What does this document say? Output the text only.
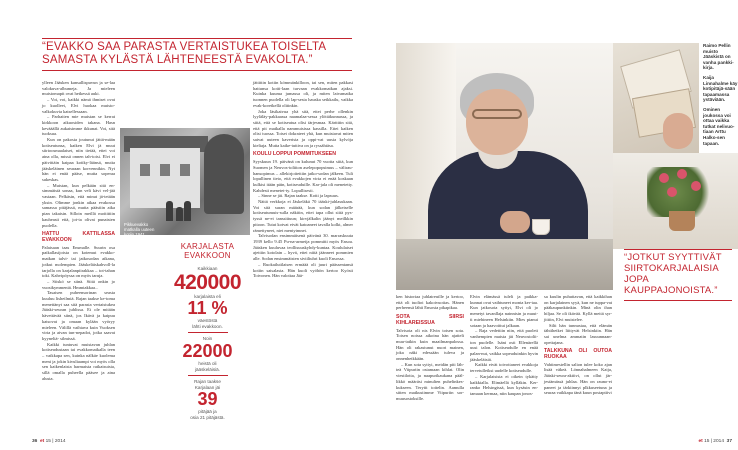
“EVAKKO SAA PARASTA VERTAISTUKEA TOISELTA SAMASTA KYLÄSTÄ LÄHTENEESTÄ EVAKOLTA.”

ylleen Jääsken kansallispuvun ja se-laa valokuva-albumeja. Ja mieleen muistomapit ovat hetkessä auki.

– Voi, voi, kaikki nämä ihmiset ovat jo kuolleet, Elvi huokaa muisto-valkokuvia katsellessaan.

– Parhaiten mie muistan se kerrat kirkkoon aikuosiden takana. Hasn kevääällä aukaisimme ikkunat. Voi, sitä tuoksua.

Kun on pakosta joutunut jättä-mään kotiseutunsa, kaiken Elvi jä muut siirtoosmaalaiset, niin tietää, ettei voi aina olla, missä onnen tah-toisi. Elvi ei päivittäin kaipaa kotiky-läänsä, mutta jääskeläinen seuraan korvennikin. Nyt hän ei enää pääse, mutta soperaa sukeskas.

– Muistan, kun pelkään sitä en-simmäistä sonaa, kun veli kävi vel-jää vastaan. Pelkäsin, että minut jä-tetään yksin. Olimme jonkin aikaa evakossa samassa pitäjässä, mutta päästiin aika pian takaisin. Silloin meillä moitittiin kauheasti että, jot-ta olivat punaisten puolella.

HATTU KATTILASSA EVAKKOON

Palaisaan taas Ensmalle. Suurin osa paikallasijoista on kotemut evakko-matkan talvi- tai jatkosodan aikana, jotkut molempien. Jääskeläiskahvoll-la tarjolla on karjalanpiirakkaa – tot-tahan toki. Kahvipöyssa on myös taruja.

– Siiskö se siinä. Siitä onkin jo vuosikymmeniä. Hmmtakkaa...

Tasaisen puheensorinan seasta kuuluu lisheilmiä. Rajan taakse ke-toma menettänyt saa sitä parasta vertaistukea Jääski-seuran juhlissa. Ei ole mitään hävettävää siinä, jos Ikävä ja kaipuu katsovat ja omaan kylään vyöryy mieleen. Välillä vaihtava kuin Vuoksen virta ja aivan tun-nepadot, jotka saavat kyyneliä- silmissä.

Kaikki tuntuvat muistavan juhlan kotiseudustaan tai evakkomatkalla teen – vaikkapa sen, kuinka nälkäe kuolema meni ja jokin kivuliaampi voi myös olla sen kaikenlaista harmaista ratkaisuista, sillä omalla puheella pääsee ja aina alusta.

Pikkuevakko matkalla uuteen kotiin 1941.
KARJALASTA EVAKKOON
Kaikkiaan
420000
karjalaista eli
11 %
väestöstä
lähti evakkoon.
Noin
22000
heistä oli
jääskeläisiä.
Rajan taakse
Karjalaan jäi
39
pitäjää ja
osia 21 pitäjästä.

jättittin kotiin kömmänkilloon, tai sen, miten pakkasi hattunsa kotti-laan turvaan evakkomatkan ajaksi. Kuinka kuuma jumassa oli, ja miten laivamatka tuonnen puolella oli lap-sesta hauska seikkailu, vaikka evak-koretkellä olitinkin.

Joka läsikaivua yhä sitä, ettei perhe ollenkin lyyläläy-pakkaassa naamalaa-sessa ylöttäkunnassa, ja siitä, että se kotiseutua olisi tärjesmaa. Kärttttin sitä, että pit matkalla nammuisissa kassilla. Ettei kaiken olisi tuossa. Toiset dokrateet yhä, kun muistavat miten saivat uuteen kaverista ja oppi-vat uusia kylvöja kieliaja. Mutta kaike-tuttiva on ja ryssähtäsa.

KOULU LOPPUI POMMITUKSEEN

Syyskuun 19. päivänä on kulunut 70 vuotta siitä, kun Suomen ja Neuvos-toliiton aselepopopsimus – välirau-hansopimus – allekirjoitettiin jatko-sodan jälkeen. Tuli lopullinen tieto, että evakkojen virta ei enää koskaan kulkisi itään päin, kotiseuduille. Kar-jala oli menetetty. Kahdesti menetet-ty. Lopullisesti.

– Sinne se jäi. Rajan taakse. Kotti ja lapsuus.

Näitä verkkoja ei Jäskeläkä 70 iääski-juhlasukaan. Voi sitä suran määrää, kun sodan jälkeiselle kotiseutumuis-sulla näkitin, ettei tapa ollut siitä pys-tyssä ne-ei tanssittuun; kirvjälkalin jäänyt meilkkin pitoon. Tutut kotvat eivät katoaneet tavalla kolkt, almer rämettyneet, niet mentytmnet.

Talvisodan ensimmäisenä päivänä 30. marraskuuta 1939 kello 9.45 Pu-na-armeija pommitti myös Ensoa. Jääsken kuuluvaa teollisuuskyhdy-kuntaa. Koululaiset ajettiin kotolain – hyvä, ettei niitä jäänneet pommien alle. Sodan ensimmäisten siviiliuhri kuoli Ensossa.

– Ruokailutilaisen ermäää oli juuri päässentansä kotiin saisalasta. Hän kuoli vyöhön kertoo Kyösti Toivonen. Hän valottaa Jää-

36 et 15 | 2014

Raimo Pellin muisto Jääskistä on vanha pankki-kirja.

Kaija Linnahalme käy kotipitäjä-sään tapaamassa ystäviään.

Ominen joukossa voi ottaa vaikka tutkat nelivuo-tiaan Arttu Halko-sen tapaan.

ken historiaa juhlaireuille ja kertoo, että oli tuoltoi kakoivuotias. Hänen perheensä lähti Ensosta pikapikaa.

SOTA SIIRSI KIHLAREISSUA

Talvisota oli nis Elvin toisen sota. Toisen noissa aikoina hän ajatteli muu-tatkin kuin maailmanpalossa. Hän oli rakastunut nuori mainen, joka näki edessään tuleva ja onnenhetkkään.

– Kun sota syttyi, meidän piti läh-teä Viipuriin ostamaan kihlat. Olin viestilotta, ja naapurikaukana pääl-likkö määräsi minulten puhelinkes-kukseen. Terytit toitelin. Aamulla sitten matkustimme Viipuriin sor-muusostoksille.

Elvin elämässä tuleli ja paikka-kunnat ovat vaihtuneet monta ker-taa. Kun jatkosota syttyi, Elvi oli jo menetyt tavanllaja nainnisin ja muut-ti miehineen Helsinkiin. Mies pianui sotaan ja haavoittui jalkaan.

– Raja vedettiin niin, että puoleti vanhempien maista jäi Neuvostolii-ton puolelle. Isäni osti Ellenärellä uusi talon. Kotiseudulle en enää palan-nut, vaikka sopeuduinkin hyvin jääskeläisiä.

Kaikki eivät toivottaneet evakkoja tervetulleiksi uudelle kotiseudulle.

– Karjalaisista ei oikein tykätty kaikkialla. Elimäellä kylläkin. Ker-ranko Helsingissä, kun kysäsin en-tamaan kermaa, niin kaupan jonos-

sa kuulin puhuttavan, että kaikkihan on karjalainen syyä, kun ne tuppa-vat pääkaupunkiinkin. Minä olin ihan hiljaa. Se oli ikävää. Kyllä meitä syr-jittiin, Elvi muistelee.

Silti hän tunnustaa, että elämän tähtihetket liittyvät Helsinkiin. Hän sai unelma ammatin lasuunnaan-opettajana.

TALKKUNA OLI OUTOA RUOKAA

Vahtimestellin salion tulee koko ajan lisää väkeä. Lönnahalmeen Kaija, Jääski-seura-aktiivi, on ollut jär-jestämässä juhlaa. Hän on rauno-ei paneet ja tärkiinnyt plkkuseetuna ja seuraa vaikkapa tänä kuun postaptiivi

“JOTKUT SYYTTIVÄT SIIRTOKARJALAISIA JOPA KAUPPAJONOISTA.”
et 15 | 2014 37
